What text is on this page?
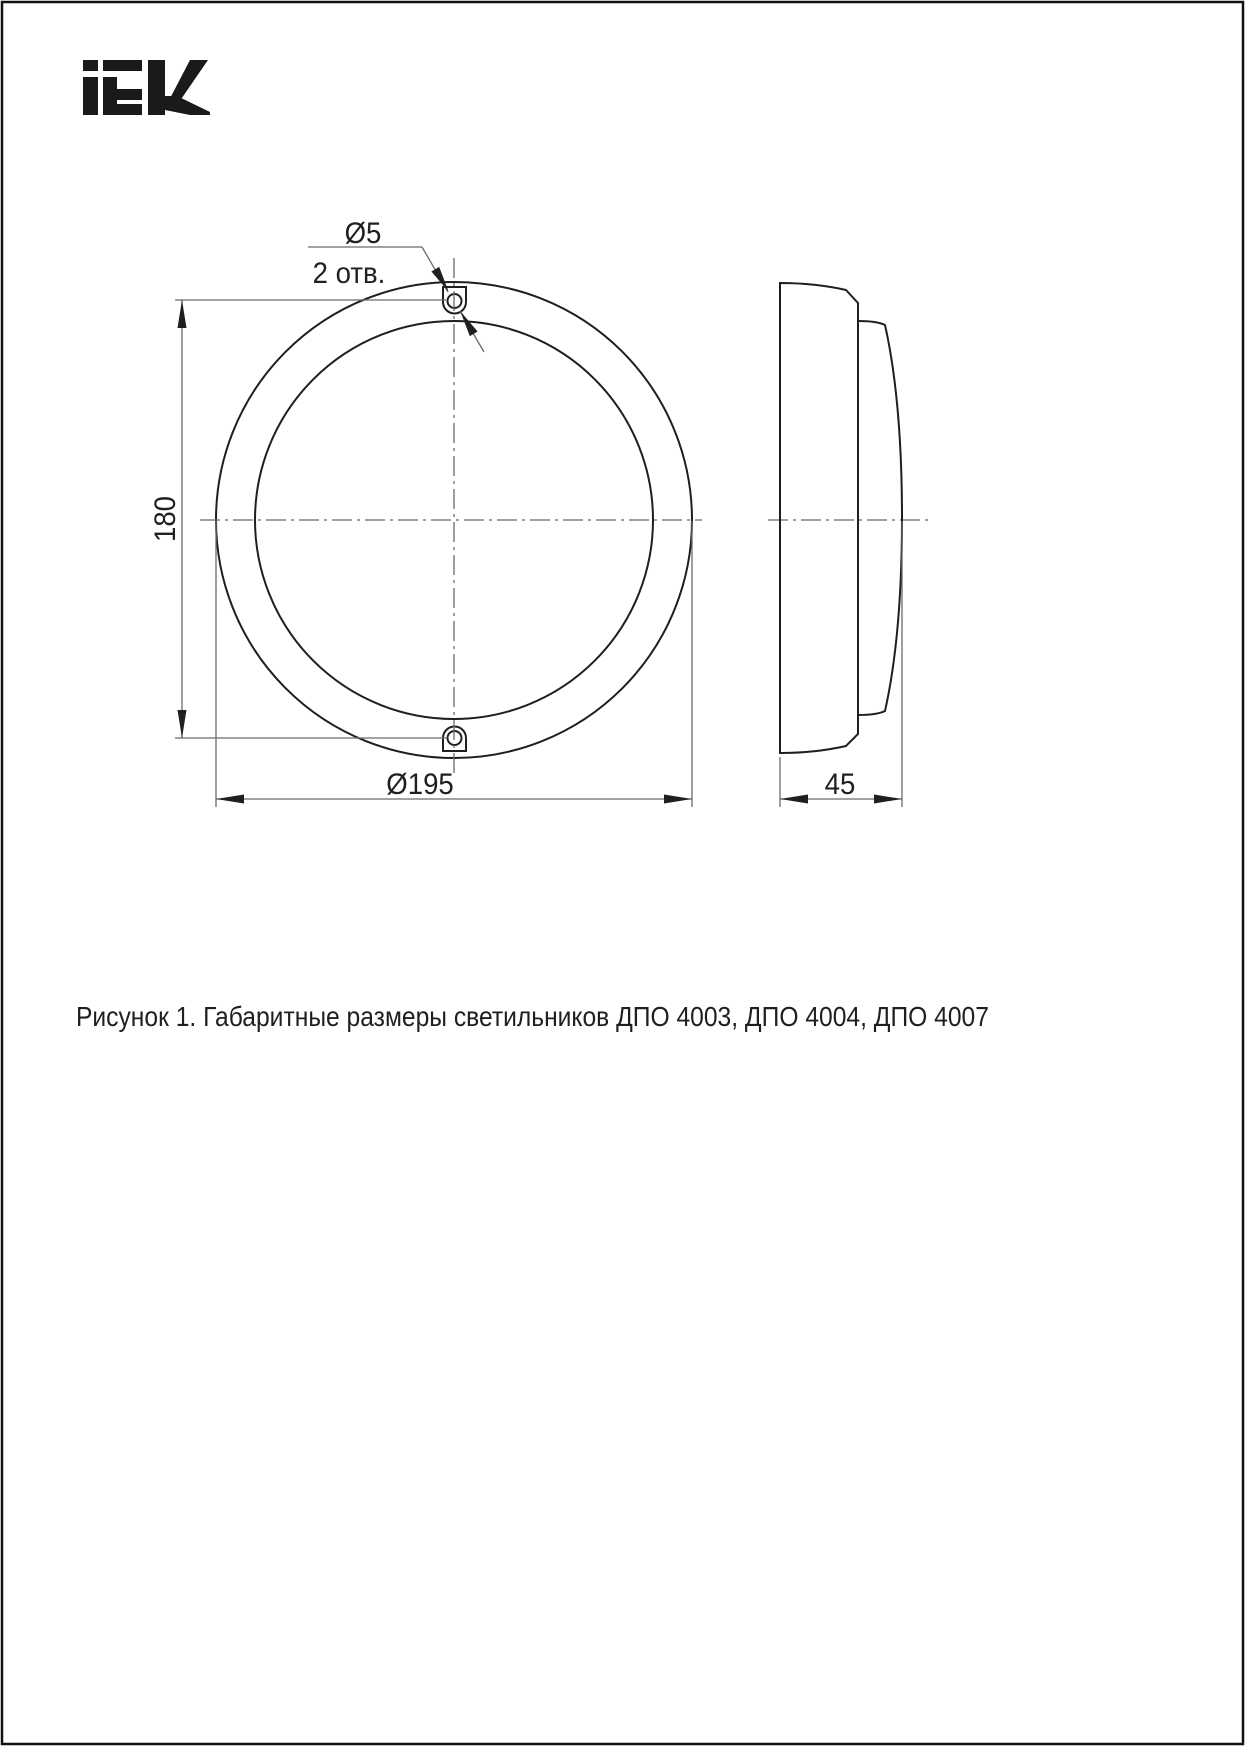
Ø5
2 отв.
180
Ø195	45
Рисунок 1. Габаритные размеры светильников ДПО 4003, ДПО 4004, ДПО 4007
